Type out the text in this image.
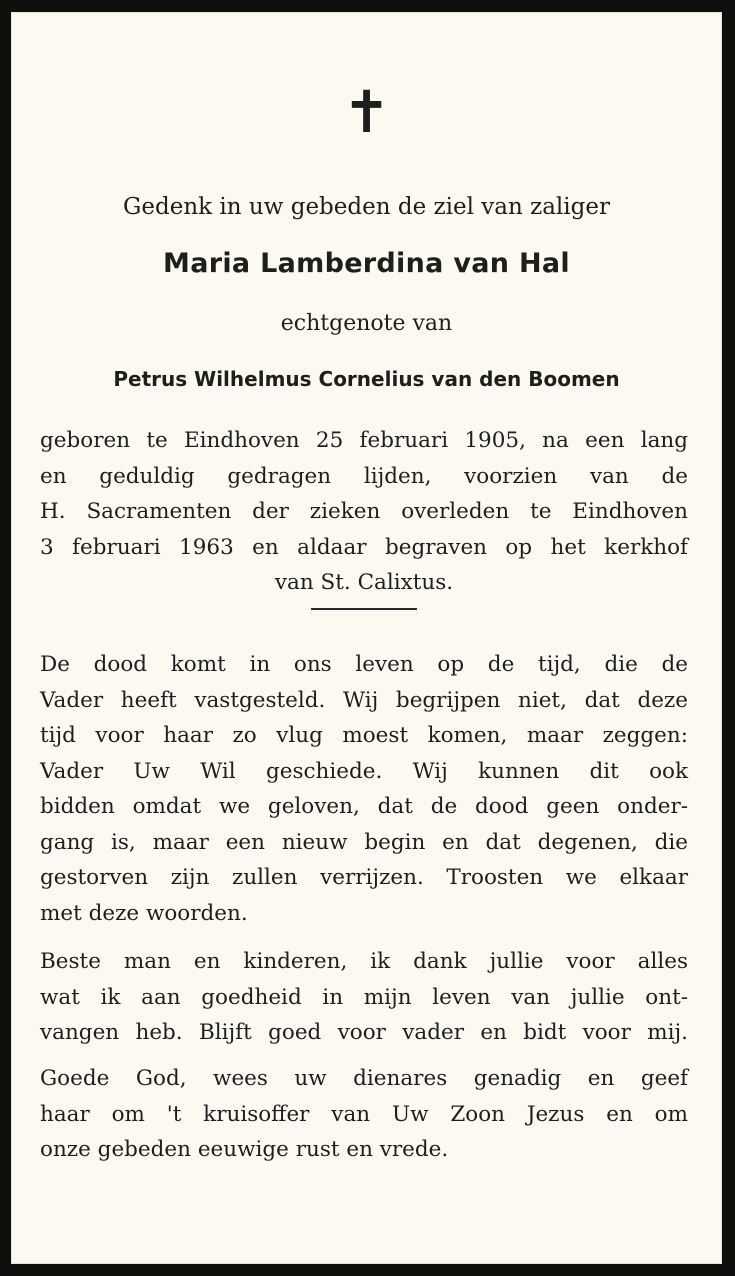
✝

Gedenk in uw gebeden de ziel van zaliger

Maria Lamberdina van Hal

echtgenote van

Petrus Wilhelmus Cornelius van den Boomen

geboren te Eindhoven 25 februari 1905, na een lang
en geduldig gedragen lijden, voorzien van de
H. Sacramenten der zieken overleden te Eindhoven
3 februari 1963 en aldaar begraven op het kerkhof
van St. Calixtus.

De dood komt in ons leven op de tijd, die de
Vader heeft vastgesteld. Wij begrijpen niet, dat deze
tijd voor haar zo vlug moest komen, maar zeggen:
Vader Uw Wil geschiede. Wij kunnen dit ook
bidden omdat we geloven, dat de dood geen onder-
gang is, maar een nieuw begin en dat degenen, die
gestorven zijn zullen verrijzen. Troosten we elkaar
met deze woorden.

Beste man en kinderen, ik dank jullie voor alles
wat ik aan goedheid in mijn leven van jullie ont-
vangen heb. Blijft goed voor vader en bidt voor mij.

Goede God, wees uw dienares genadig en geef
haar om 't kruisoffer van Uw Zoon Jezus en om
onze gebeden eeuwige rust en vrede.
